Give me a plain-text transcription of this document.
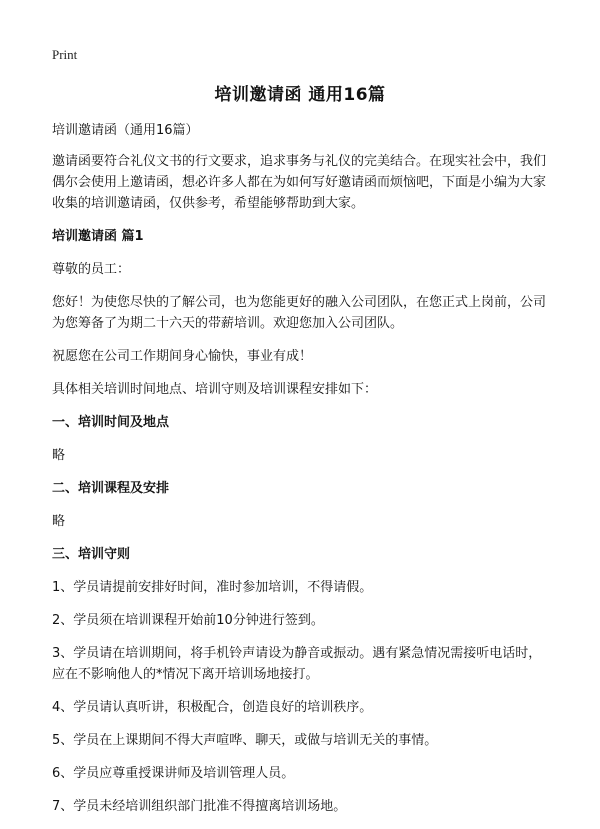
Print
培训邀请函 通用16篇

培训邀请函（通用16篇）

邀请函要符合礼仪文书的行文要求，追求事务与礼仪的完美结合。在现实社会中，我们偶尔会使用上邀请函，想必许多人都在为如何写好邀请函而烦恼吧，下面是小编为大家收集的培训邀请函，仅供参考，希望能够帮助到大家。

培训邀请函 篇1

尊敬的员工：

您好！为使您尽快的了解公司，也为您能更好的融入公司团队，在您正式上岗前，公司为您筹备了为期二十六天的带薪培训。欢迎您加入公司团队。

祝愿您在公司工作期间身心愉快，事业有成！

具体相关培训时间地点、培训守则及培训课程安排如下：

一、培训时间及地点

略

二、培训课程及安排

略

三、培训守则

1、学员请提前安排好时间，准时参加培训，不得请假。

2、学员须在培训课程开始前10分钟进行签到。

3、学员请在培训期间，将手机铃声请设为静音或振动。遇有紧急情况需接听电话时，应在不影响他人的*情况下离开培训场地接打。

4、学员请认真听讲，积极配合，创造良好的培训秩序。

5、学员在上课期间不得大声喧哗、聊天，或做与培训无关的事情。

6、学员应尊重授课讲师及培训管理人员。

7、学员未经培训组织部门批准不得擅离培训场地。
